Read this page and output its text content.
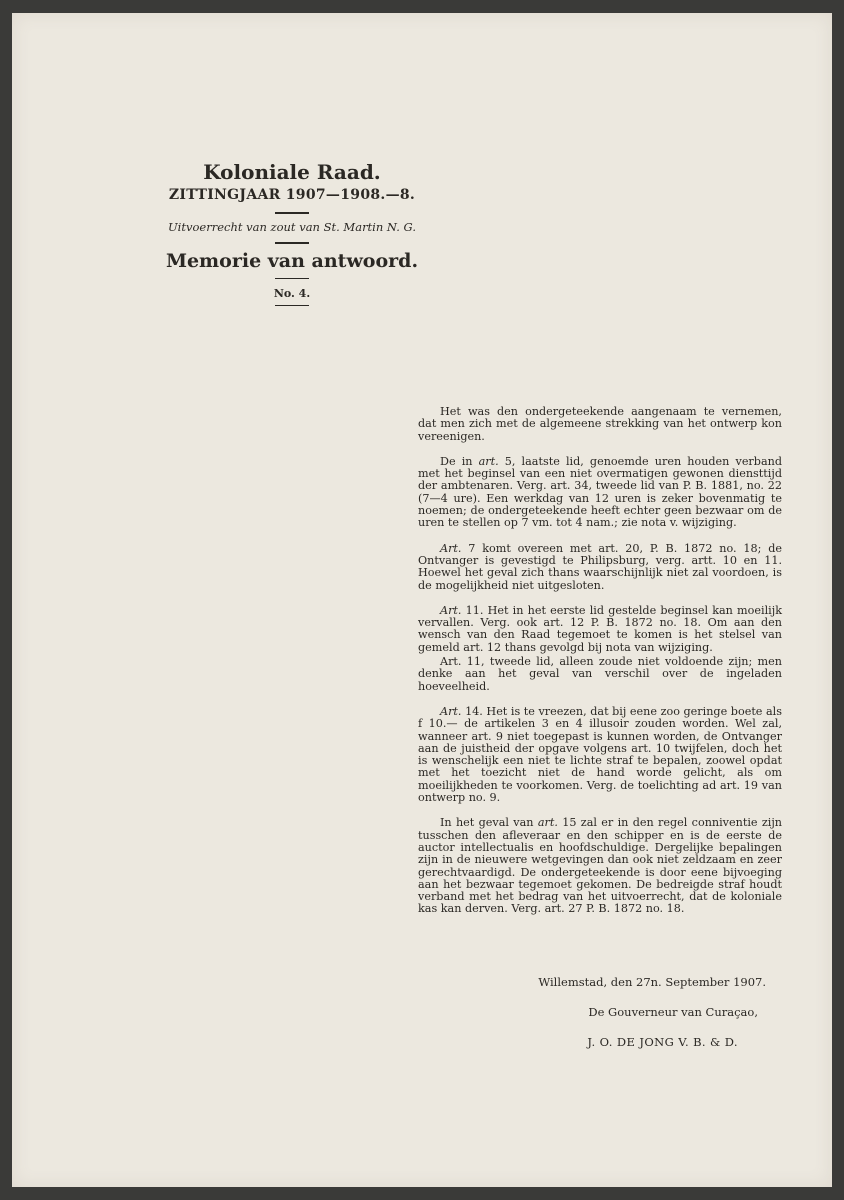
Koloniale Raad.
ZITTINGJAAR 1907—1908.—8.
Uitvoerrecht van zout van St. Martin N. G.
Memorie van antwoord.
No. 4.

Het was den ondergeteekende aangenaam te vernemen, dat men zich met de algemeene strekking van het ontwerp kon vereenigen.

De in art. 5, laatste lid, genoemde uren houden verband met het beginsel van een niet overmatigen gewonen diensttijd der ambtenaren. Verg. art. 34, tweede lid van P. B. 1881, no. 22 (7—4 ure). Een werkdag van 12 uren is zeker bovenmatig te noemen; de ondergeteekende heeft echter geen bezwaar om de uren te stellen op 7 vm. tot 4 nam.; zie nota v. wijziging.

Art. 7 komt overeen met art. 20, P. B. 1872 no. 18; de Ontvanger is gevestigd te Philipsburg, verg. artt. 10 en 11. Hoewel het geval zich thans waarschijnlijk niet zal voordoen, is de mogelijkheid niet uitgesloten.

Art. 11. Het in het eerste lid gestelde beginsel kan moeilijk vervallen. Verg. ook art. 12 P. B. 1872 no. 18. Om aan den wensch van den Raad tegemoet te komen is het stelsel van gemeld art. 12 thans gevolgd bij nota van wijziging.

Art. 11, tweede lid, alleen zoude niet voldoende zijn; men denke aan het geval van verschil over de ingeladen hoeveelheid.

Art. 14. Het is te vreezen, dat bij eene zoo geringe boete als f 10.— de artikelen 3 en 4 illusoir zouden worden. Wel zal, wanneer art. 9 niet toegepast is kunnen worden, de Ontvanger aan de juistheid der opgave volgens art. 10 twijfelen, doch het is wenschelijk een niet te lichte straf te bepalen, zoowel opdat met het toezicht niet de hand worde gelicht, als om moeilijkheden te voorkomen. Verg. de toelichting ad art. 19 van ontwerp no. 9.

In het geval van art. 15 zal er in den regel conniventie zijn tusschen den afleveraar en den schipper en is de eerste de auctor intellectualis en hoofdschuldige. Dergelijke bepalingen zijn in de nieuwere wetgevingen dan ook niet zeldzaam en zeer gerechtvaardigd. De ondergeteekende is door eene bijvoeging aan het bezwaar tegemoet gekomen. De bedreigde straf houdt verband met het bedrag van het uitvoerrecht, dat de koloniale kas kan derven. Verg. art. 27 P. B. 1872 no. 18.

Willemstad, den 27n. September 1907.
De Gouverneur van Curaçao,
J. O. DE JONG V. B. & D.
